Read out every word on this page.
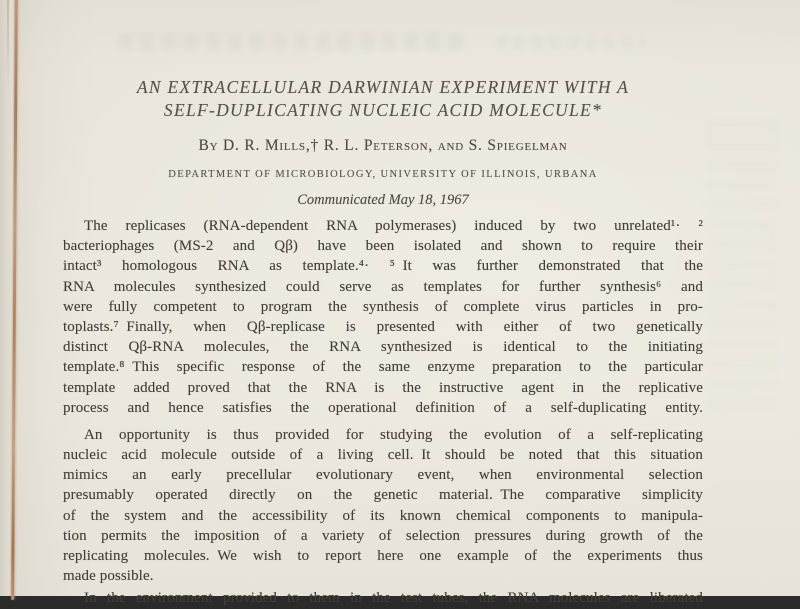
AN EXTRACELLULAR DARWINIAN EXPERIMENT WITH A
SELF-DUPLICATING NUCLEIC ACID MOLECULE*
By D. R. Mills,† R. L. Peterson, and S. Spiegelman
DEPARTMENT OF MICROBIOLOGY, UNIVERSITY OF ILLINOIS, URBANA
Communicated May 18, 1967
The replicases (RNA-dependent RNA polymerases) induced by two unrelated¹· ²
bacteriophages (MS-2 and Qβ) have been isolated and shown to require their
intact³ homologous RNA as template.⁴· ⁵ It was further demonstrated that the
RNA molecules synthesized could serve as templates for further synthesis⁶ and
were fully competent to program the synthesis of complete virus particles in pro-
toplasts.⁷ Finally, when Qβ-replicase is presented with either of two genetically
distinct Qβ-RNA molecules, the RNA synthesized is identical to the initiating
template.⁸ This specific response of the same enzyme preparation to the particular
template added proved that the RNA is the instructive agent in the replicative
process and hence satisfies the operational definition of a self-duplicating entity.
An opportunity is thus provided for studying the evolution of a self-replicating
nucleic acid molecule outside of a living cell. It should be noted that this situation
mimics an early precellular evolutionary event, when environmental selection
presumably operated directly on the genetic material. The comparative simplicity
of the system and the accessibility of its known chemical components to manipula-
tion permits the imposition of a variety of selection pressures during growth of the
replicating molecules. We wish to report here one example of the experiments thus
made possible.
In the environment provided to them in the test tubes, the RNA molecules are liberated
